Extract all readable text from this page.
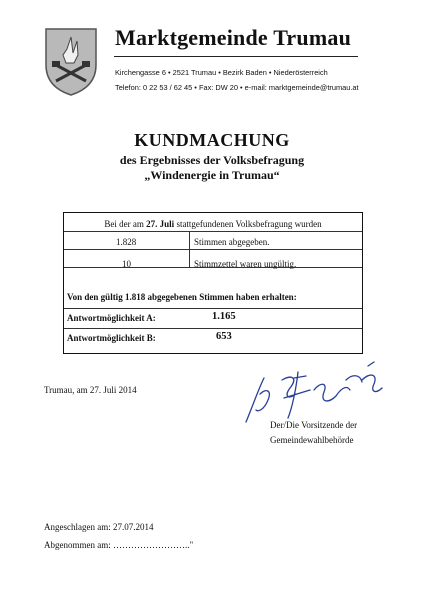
Marktgemeinde Trumau
Kirchengasse 6 • 2521 Trumau • Bezirk Baden • Niederösterreich
Telefon: 0 22 53 / 62 45 • Fax: DW 20 • e-mail: marktgemeinde@trumau.at
KUNDMACHUNG
des Ergebnisses der Volksbefragung
„Windenergie in Trumau“
Bei der am 27. Juli stattgefundenen Volksbefragung wurden
1.828	Stimmen abgegeben.
10	Stimmzettel waren ungültig.
Von den gültig 1.818 abgegebenen Stimmen haben erhalten:
Antwortmöglichkeit A:	1.165
Antwortmöglichkeit B:	653
Trumau, am 27. Juli 2014
Der/Die Vorsitzende der
Gemeindewahlbehörde
Angeschlagen am: 27.07.2014
Abgenommen am: …………………….."
